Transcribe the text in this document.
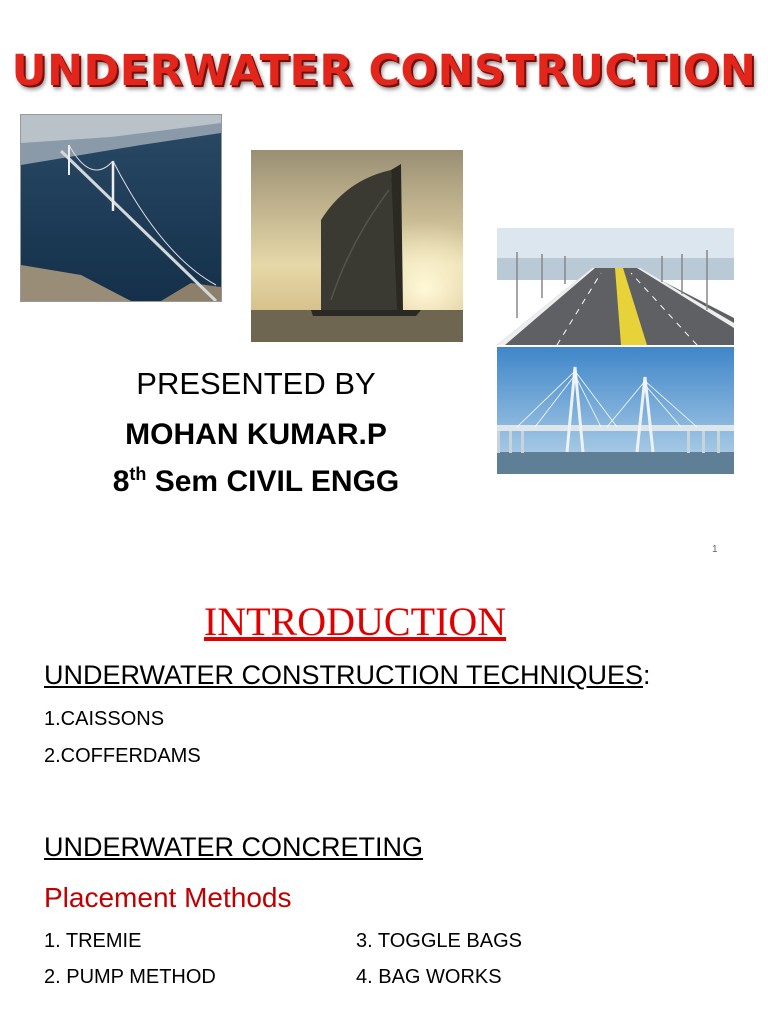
UNDERWATER CONSTRUCTION
PRESENTED BY
MOHAN KUMAR.P
8th Sem CIVIL ENGG
1
INTRODUCTION
UNDERWATER CONSTRUCTION TECHNIQUES:
1.CAISSONS
2.COFFERDAMS
UNDERWATER CONCRETING
Placement Methods
1. TREMIE
2. PUMP METHOD
3. TOGGLE BAGS
4. BAG WORKS
